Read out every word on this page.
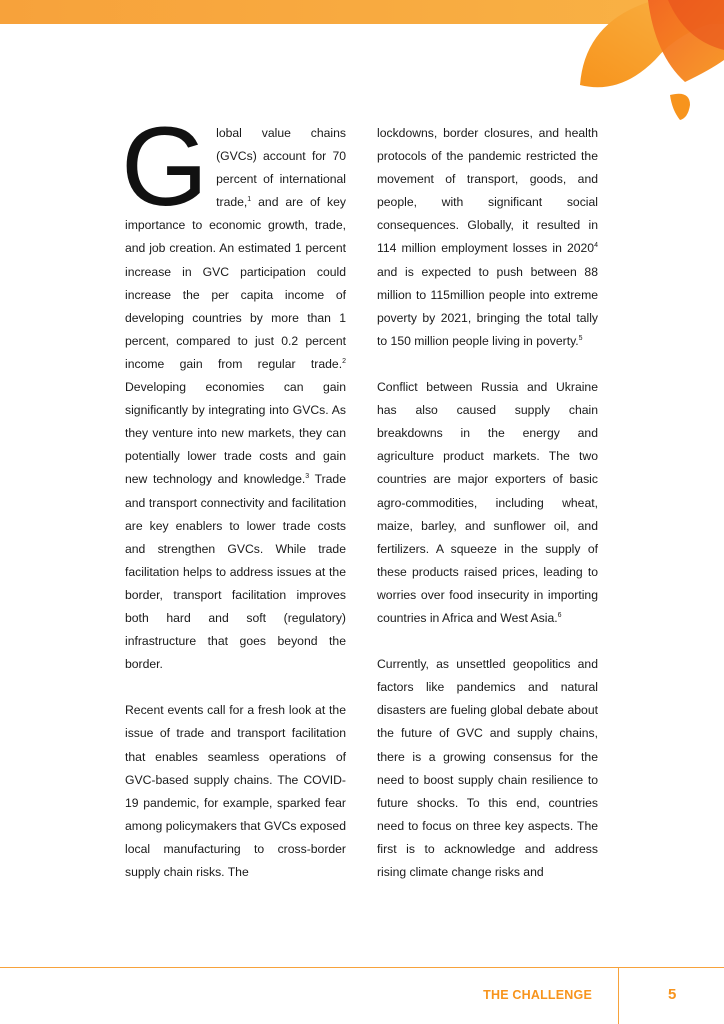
Global value chains (GVCs) account for 70 percent of international trade,$^1$ and are of key importance to economic growth, trade, and job creation. An estimated 1 percent increase in GVC participation could increase the per capita income of developing countries by more than 1 percent, compared to just 0.2 percent income gain from regular trade.$^2$ Developing economies can gain significantly by integrating into GVCs. As they venture into new markets, they can potentially lower trade costs and gain new technology and knowledge.$^3$ Trade and transport connectivity and facilitation are key enablers to lower trade costs and strengthen GVCs. While trade facilitation helps to address issues at the border, transport facilitation improves both hard and soft (regulatory) infrastructure that goes beyond the border.

Recent events call for a fresh look at the issue of trade and transport facilitation that enables seamless operations of GVC-based supply chains. The COVID-19 pandemic, for example, sparked fear among policymakers that GVCs exposed local manufacturing to cross-border supply chain risks. The

lockdowns, border closures, and health protocols of the pandemic restricted the movement of transport, goods, and people, with significant social consequences. Globally, it resulted in 114 million employment losses in 2020$^4$ and is expected to push between 88 million to 115million people into extreme poverty by 2021, bringing the total tally to 150 million people living in poverty.$^5$

Conflict between Russia and Ukraine has also caused supply chain breakdowns in the energy and agriculture product markets. The two countries are major exporters of basic agro-commodities, including wheat, maize, barley, and sunflower oil, and fertilizers. A squeeze in the supply of these products raised prices, leading to worries over food insecurity in importing countries in Africa and West Asia.$^6$

Currently, as unsettled geopolitics and factors like pandemics and natural disasters are fueling global debate about the future of GVC and supply chains, there is a growing consensus for the need to boost supply chain resilience to future shocks. To this end, countries need to focus on three key aspects. The first is to acknowledge and address rising climate change risks and

THE CHALLENGE	5
